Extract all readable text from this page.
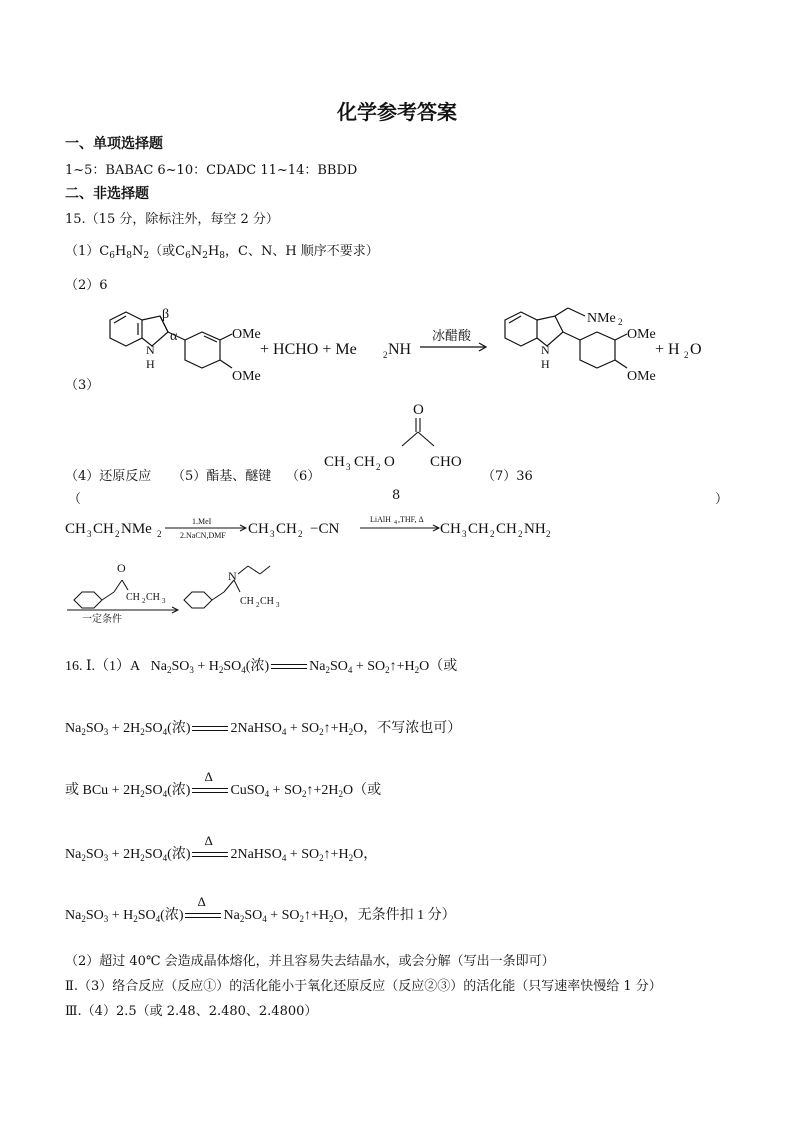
化学参考答案
一、单项选择题
1~5：BABAC 6~10：CDADC 11~14：BBDD
二、非选择题
15.（15 分，除标注外，每空 2 分）
$(1)C_6H_8N_2$（或$C_6N_2H_8$，C、N、H 顺序不要求）
（2）6
（3）
β
α
N
H
OMe
OMe
+ HCHO + Me	2 NH
冰醋酸
N
H
NMe 2
OMe
OMe
+ H 2 O
（4）还原反应 （5）酯基、醚键 （6）
O
CH 3 CH 2 O CHO
（7）36
（	8	）
CH 3 CH 2 NMe 2
1.MeI
2.NaCN,DMF CH 3 CH 2 −CN
LiAlH 4 ,THF, Δ
CH 3 CH 2 CH 2 NH 2
O
CH 2 CH 3
一定条件
N
CH 2 CH 3
16. Ⅰ.（1）A   $Na_2SO_3 + H_2SO_4$(浓)	$Na_2SO_4$ + $SO_2↑+H_2O$（或
$Na_2SO_3 + 2H_2SO_4$(浓)	2NaHSO$_4$ + $SO_2↑+H_2O$，不写浓也可）
或 BCu + $2H_2SO_4$(浓)
Δ
CuSO$_4$ + $SO_2↑+2H_2O$（或
$Na_2SO_3 + 2H_2SO_4$(浓)
Δ
2NaHSO$_4$ + $SO_2↑+H_2O$，
$Na_2SO_3 + H_2SO_4$(浓)
Δ
$Na_2SO_4$ + $SO_2↑+H_2O$，无条件扣 1 分）
（2）超过 40℃ 会造成晶体熔化，并且容易失去结晶水，或会分解（写出一条即可）
Ⅱ.（3）络合反应（反应①）的活化能小于氧化还原反应（反应②③）的活化能（只写速率快慢给 1 分）
Ⅲ.（4）2.5（或 2.48、2.480、2.4800）
